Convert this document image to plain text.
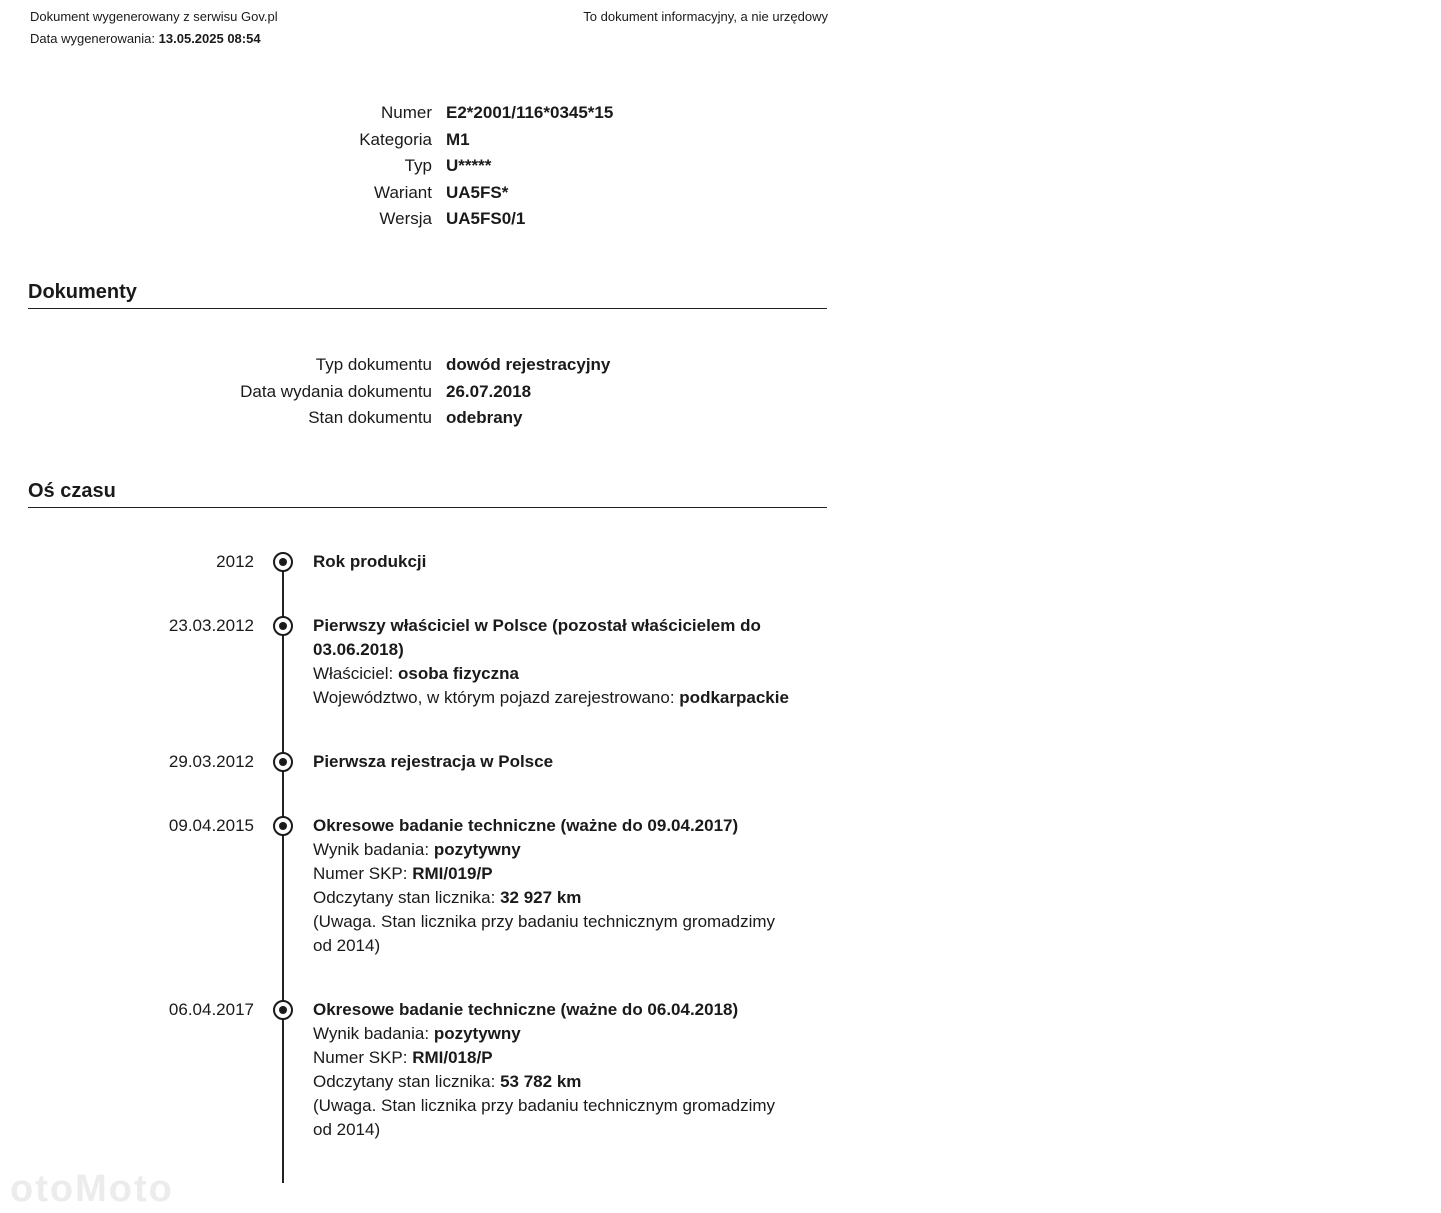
Dokument wygenerowany z serwisu Gov.pl
Data wygenerowania: 13.05.2025 08:54
To dokument informacyjny, a nie urzędowy
Numer E2*2001/116*0345*15
Kategoria M1
Typ U*****
Wariant UA5FS*
Wersja UA5FS0/1
Dokumenty
Typ dokumentu dowód rejestracyjny
Data wydania dokumentu 26.07.2018
Stan dokumentu odebrany
Oś czasu
2012	Rok produkcji
23.03.2012	Pierwszy właściciel w Polsce (pozostał właścicielem do 03.06.2018)
Właściciel: osoba fizyczna
Województwo, w którym pojazd zarejestrowano: podkarpackie
29.03.2012	Pierwsza rejestracja w Polsce
09.04.2015	Okresowe badanie techniczne (ważne do 09.04.2017)
Wynik badania: pozytywny
Numer SKP: RMI/019/P
Odczytany stan licznika: 32 927 km
(Uwaga. Stan licznika przy badaniu technicznym gromadzimy od 2014)
06.04.2017	Okresowe badanie techniczne (ważne do 06.04.2018)
Wynik badania: pozytywny
Numer SKP: RMI/018/P
Odczytany stan licznika: 53 782 km
(Uwaga. Stan licznika przy badaniu technicznym gromadzimy od 2014)
otoMoto
